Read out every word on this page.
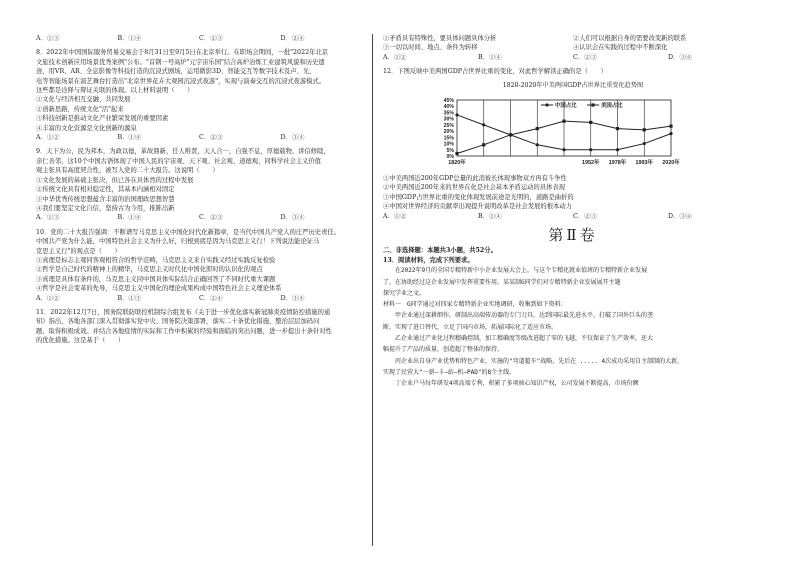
A．①③	B．①④	C．②③	D．②④
8．2022年中国国际服务贸易交易会于8月31日至9月5日在北京举行。在职场会期间，一批"2022年北京
文旅技术创新应用场景优秀案例"公布。"首钢一号高炉"元宇宙乐园"结合高炉冶炼工业建筑风貌和历史遗
迹，用VR、AR、全息影像等科技打造的沉浸式剧场，运用微影3D、智能交互等数字技术及声、光、
电等智能场景在演艺舞台打造出"北京世界花卉大观园沉浸式夜游"，实现与演奏交互的沉浸式夜游模式。
这些都是诠释与辩证关联的体现。以上材料说明（　　）
①文化与经济相互交融、共同发展
②创新思路，传统文化"活"起来
③科技创新是推动文化产业繁荣发展的重要因素
④丰富的文化资源是文化创新的源泉
A．①②	B．①④	C．②③	D．③④
9．天下为公，民为邦本，为政以德，革故鼎新，任人唯贤，天人合一，自强不息，厚德载物，讲信修睦，
亲仁善邻，这10个中国古语体现了中国人民的宇宙观、天下观、社会观、道德观，同科学社会主义价值
观主张具有高度契合性，被写入党的二十大报告。这说明（　　）
①文化发展的基础主张决，但已各在具体然的过程中发展
②传统文化具有相对稳定性，其基本内涵相对固定
③中华优秀传统思想蕴含丰富的治国理政思想智慧
④我们要坚定文化自信，坚持古为今用，推陈出新
A．①③	B．①④	C．②③	D．③④
10．党的二十大报告强调：不断谱写马克思主义中国化时代化新篇章，是当代中国共产党人的庄严历史责任。
中国共产党为什么能，中国特色社会主义为什么好，归根到底是因为马克思主义行！下列说法能论证马
克思主义行"的观点是（　　）
①真理是标志主观同客观相符合的哲学范畴，马克思主义来自实践又经过实践反复检验
②哲学是自己时代的精神上的精华，马克思主义时代化中国化即时的认识化的观点
③真理是具体有条件的，马克思主义同中国具体实际结合正确回答了不同时代重大课题
④哲学是社会变革的先导，马克思主义中国化的理论成果构成中国特色社会主义理论体系
A．①②	B．①③	C．②④	D．③④
11．2022年12月7日，国务院联防联控机制综合组发布《关于进一步优化落实新冠肺炎疫情防控措施的通
知》指出，各地各部门深入贯彻落实党中央、国务院决策部署，落实二十条优化措施，整治层层加码问
题，取得积极成效。并结合各地疫情的实际和工作中积累的经验和面临的突出问题，进一步提出十条针对性
的优化措施。这是基于（　　）
①矛盾具有特殊性，要具体问题具体分析	②人们可以根据自身的需要改变新的联系
③一切以时间、地点、条件为转移	④认识会在实践的过程中不断深化
A．①②	B．①④	C．②③	D．③④
12．下图反映中美两国GDP占世界比重的变化，对此哲学解读正确的是（　　）
1820-2020年中美两国GDP占世界比重变化趋势图
0%
5%
10%
15%
20%
25%
30%
35%
40%
45%
1820年	1952年 1978年 1993年 2020年
中国占比	美国占比
①中美两国近200年GDP总量的此消彼长体现事物双方再有斗争性
②中美两国近200年来的世界在化是社会基本矛盾运动的具体表现
③中国GDP占世界比重的变化体现发展前途是光明的，道路是曲折的
④中国对世界经济的贡献率出现提升说明改革是社会发展的根本动力
A．①②	B．①④	C．②③	D．③④
第Ⅱ卷
二、非选择题：本题共3小题，共52分。
13．阅读材料，完成下列要求。
　　在2022年9月的全国专精特新中小企业发展大会上，与这个专精化就业值班的专精特新企业发展
了，在协助经过这企业发展中发挥重要作用。某某制G同学们对专精特新企业发展展开主题
探究学业之文。
材料一　G同学通过对四家专精特新企业实地调研，收集到如下资料：
　　甲企业通过深耕细作，研制出高端传动器的专门刀具，达到国际最先进水平，打破了国外巨头的垄
断，实现了进口替代，立足了国内市场，拓展国际化了适应市场。
　　乙企业通过产业化过程精确控制，加工精确度等级改进超了零的飞越，不仅保证了生产效率，还大
幅提升了产品的质量，创造超了整体的保持。
　　丙企业出自身产业优势和特色产业，实施的"弯道超车"战略，先后在 ..... 4次成功采用自主制制的大新，
实现了民营大"一新—卡—站—机—PAD"的8个主线。
　　丁企业户马每年研发4项高端专利，积累了多项核心知识产权，公司发展不断提高，市场份额
